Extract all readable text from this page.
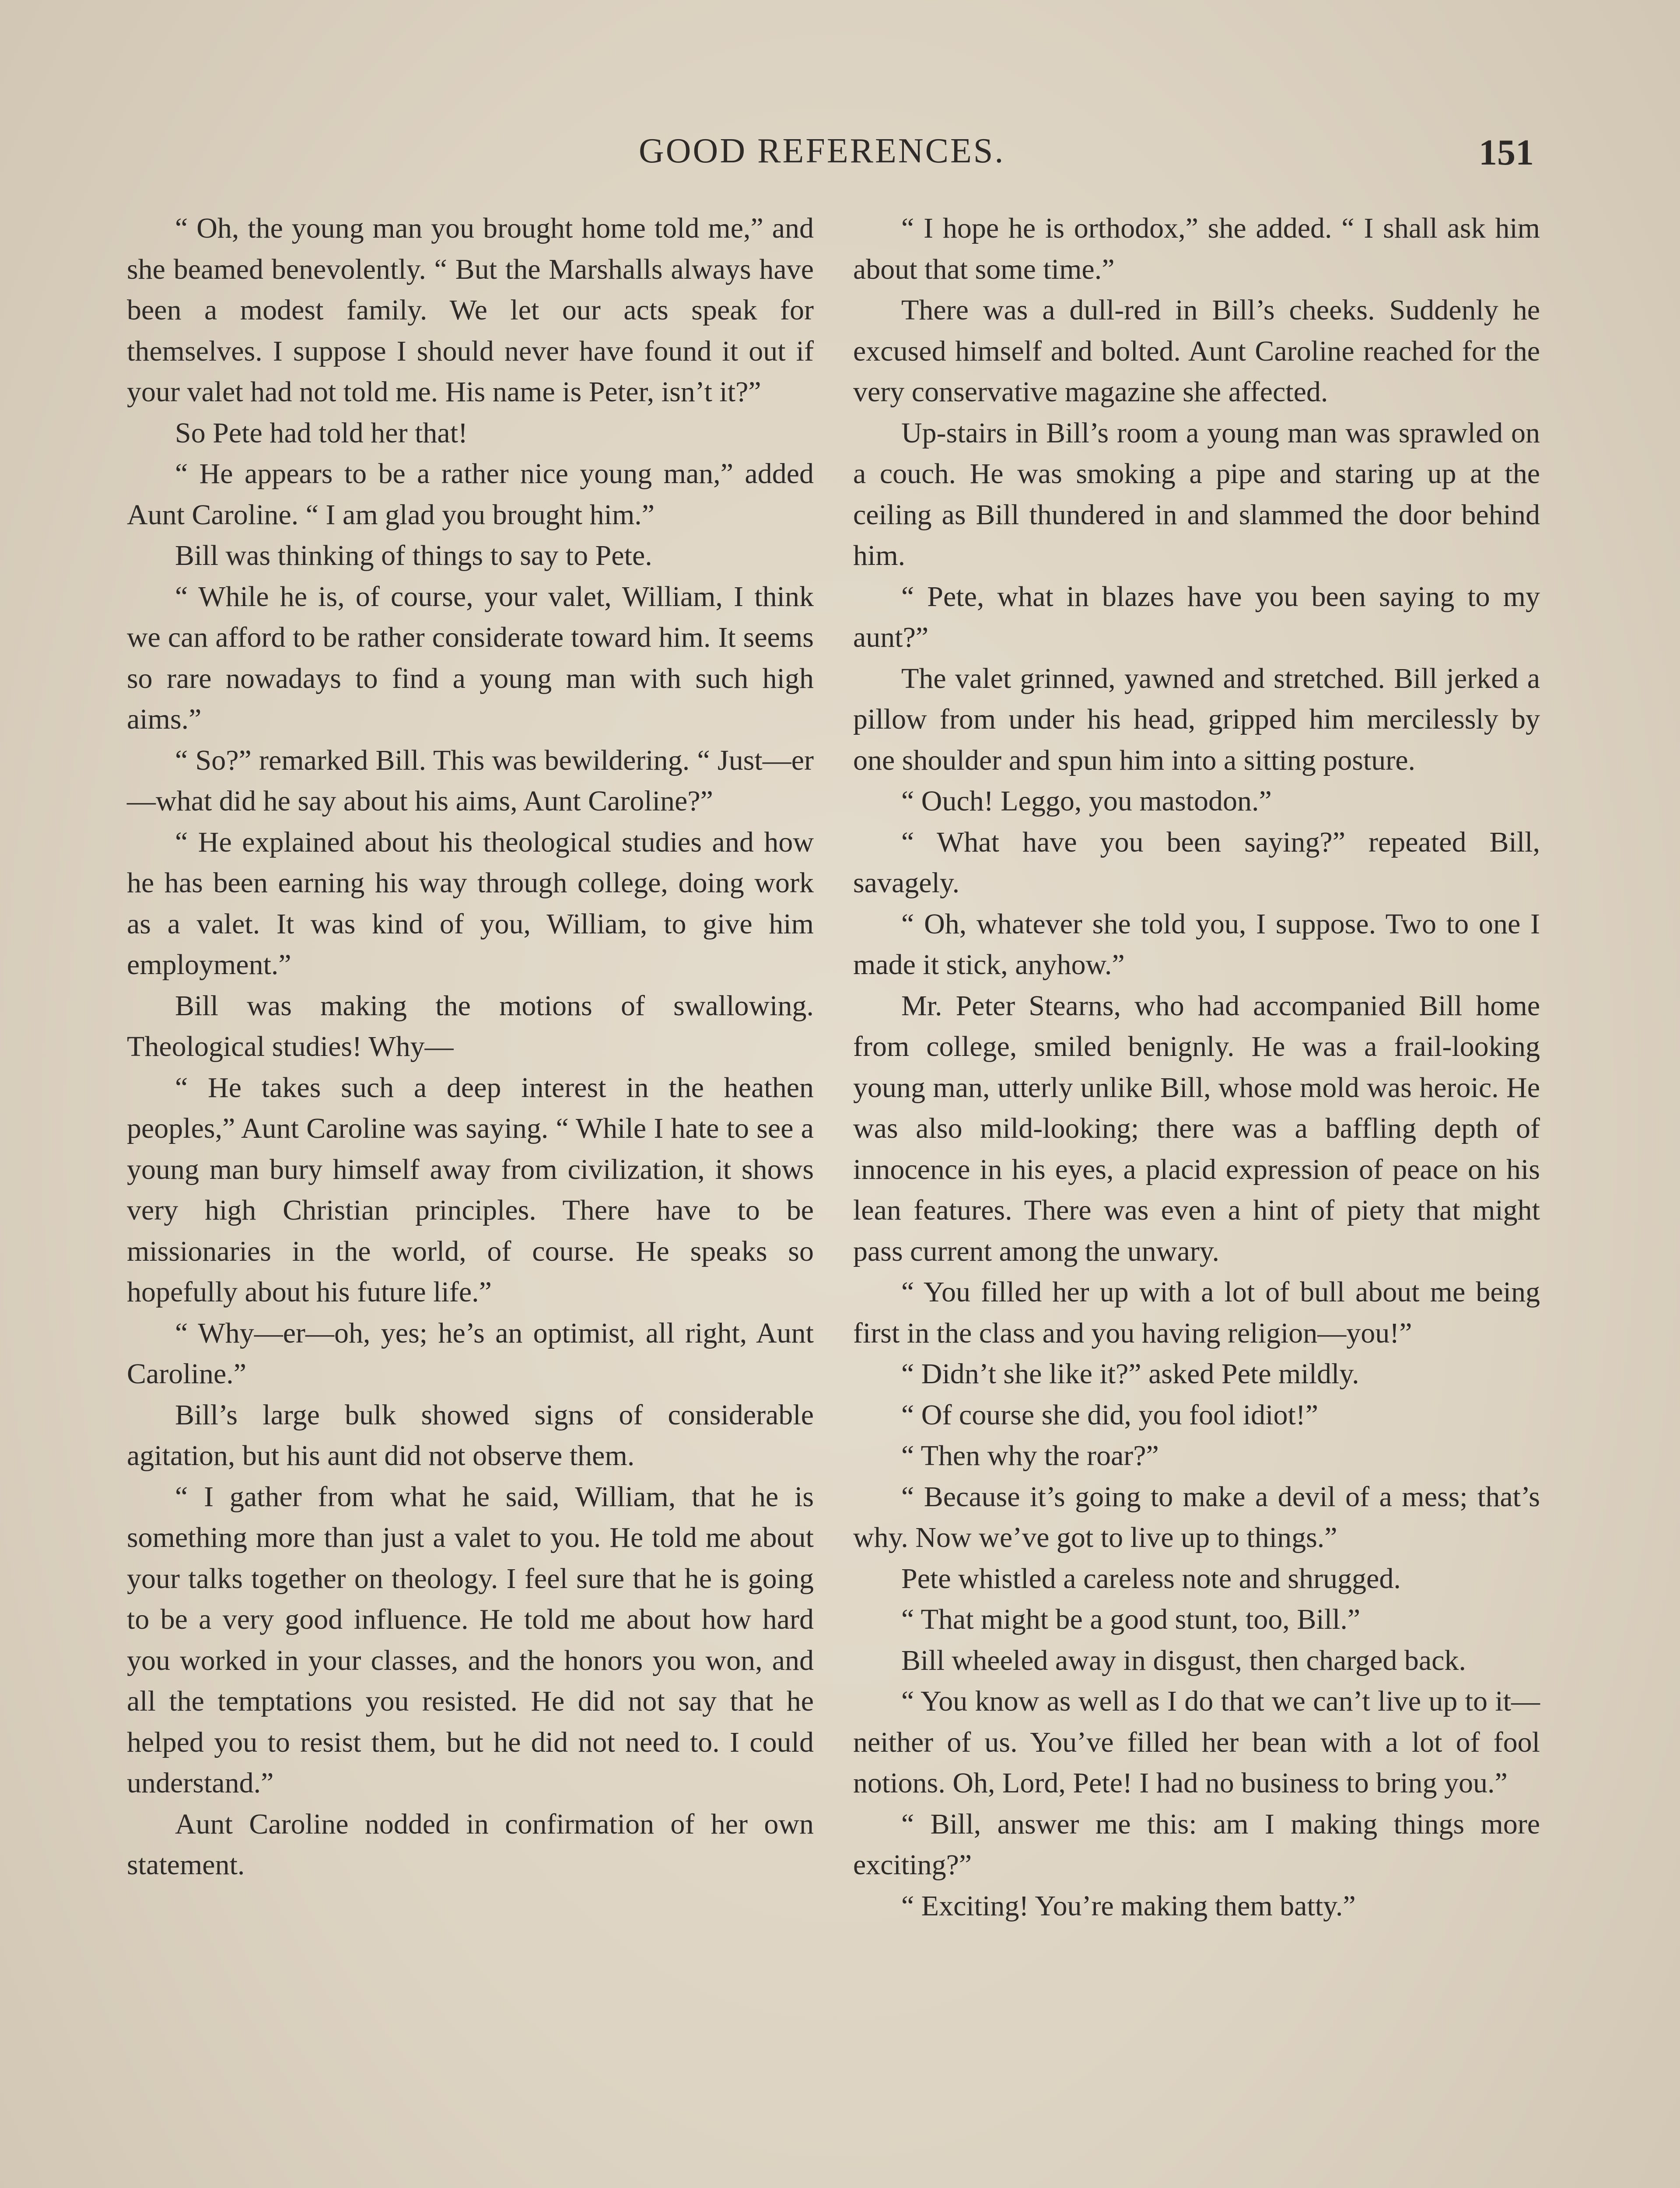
GOOD REFERENCES.	151

“ Oh, the young man you brought home told me,” and she beamed benevolently. “ But the Marshalls always have been a modest family. We let our acts speak for themselves. I suppose I should never have found it out if your valet had not told me. His name is Peter, isn’t it?”

So Pete had told her that!

“ He appears to be a rather nice young man,” added Aunt Caroline. “ I am glad you brought him.”

Bill was thinking of things to say to Pete.

“ While he is, of course, your valet, William, I think we can afford to be rather considerate toward him. It seems so rare nowadays to find a young man with such high aims.”

“ So?” remarked Bill. This was bewildering. “ Just—er—what did he say about his aims, Aunt Caroline?”

“ He explained about his theological studies and how he has been earning his way through college, doing work as a valet. It was kind of you, William, to give him employment.”

Bill was making the motions of swallowing. Theological studies! Why—

“ He takes such a deep interest in the heathen peoples,” Aunt Caroline was saying. “ While I hate to see a young man bury himself away from civilization, it shows very high Christian principles. There have to be missionaries in the world, of course. He speaks so hopefully about his future life.”

“ Why—er—oh, yes; he’s an optimist, all right, Aunt Caroline.”

Bill’s large bulk showed signs of considerable agitation, but his aunt did not observe them.

“ I gather from what he said, William, that he is something more than just a valet to you. He told me about your talks together on theology. I feel sure that he is going to be a very good influence. He told me about how hard you worked in your classes, and the honors you won, and all the temptations you resisted. He did not say that he helped you to resist them, but he did not need to. I could understand.”

Aunt Caroline nodded in confirmation of her own statement.

“ I hope he is orthodox,” she added. “ I shall ask him about that some time.”

There was a dull-red in Bill’s cheeks. Suddenly he excused himself and bolted. Aunt Caroline reached for the very conservative magazine she affected.

Up-stairs in Bill’s room a young man was sprawled on a couch. He was smoking a pipe and staring up at the ceiling as Bill thundered in and slammed the door behind him.

“ Pete, what in blazes have you been saying to my aunt?”

The valet grinned, yawned and stretched. Bill jerked a pillow from under his head, gripped him mercilessly by one shoulder and spun him into a sitting posture.

“ Ouch! Leggo, you mastodon.”

“ What have you been saying?” repeated Bill, savagely.

“ Oh, whatever she told you, I suppose. Two to one I made it stick, anyhow.”

Mr. Peter Stearns, who had accompanied Bill home from college, smiled benignly. He was a frail-looking young man, utterly unlike Bill, whose mold was heroic. He was also mild-looking; there was a baffling depth of innocence in his eyes, a placid expression of peace on his lean features. There was even a hint of piety that might pass current among the unwary.

“ You filled her up with a lot of bull about me being first in the class and you having religion—you!”

“ Didn’t she like it?” asked Pete mildly.

“ Of course she did, you fool idiot!”

“ Then why the roar?”

“ Because it’s going to make a devil of a mess; that’s why. Now we’ve got to live up to things.”

Pete whistled a careless note and shrugged.

“ That might be a good stunt, too, Bill.”

Bill wheeled away in disgust, then charged back.

“ You know as well as I do that we can’t live up to it—neither of us. You’ve filled her bean with a lot of fool notions. Oh, Lord, Pete! I had no business to bring you.”

“ Bill, answer me this: am I making things more exciting?”

“ Exciting! You’re making them batty.”
